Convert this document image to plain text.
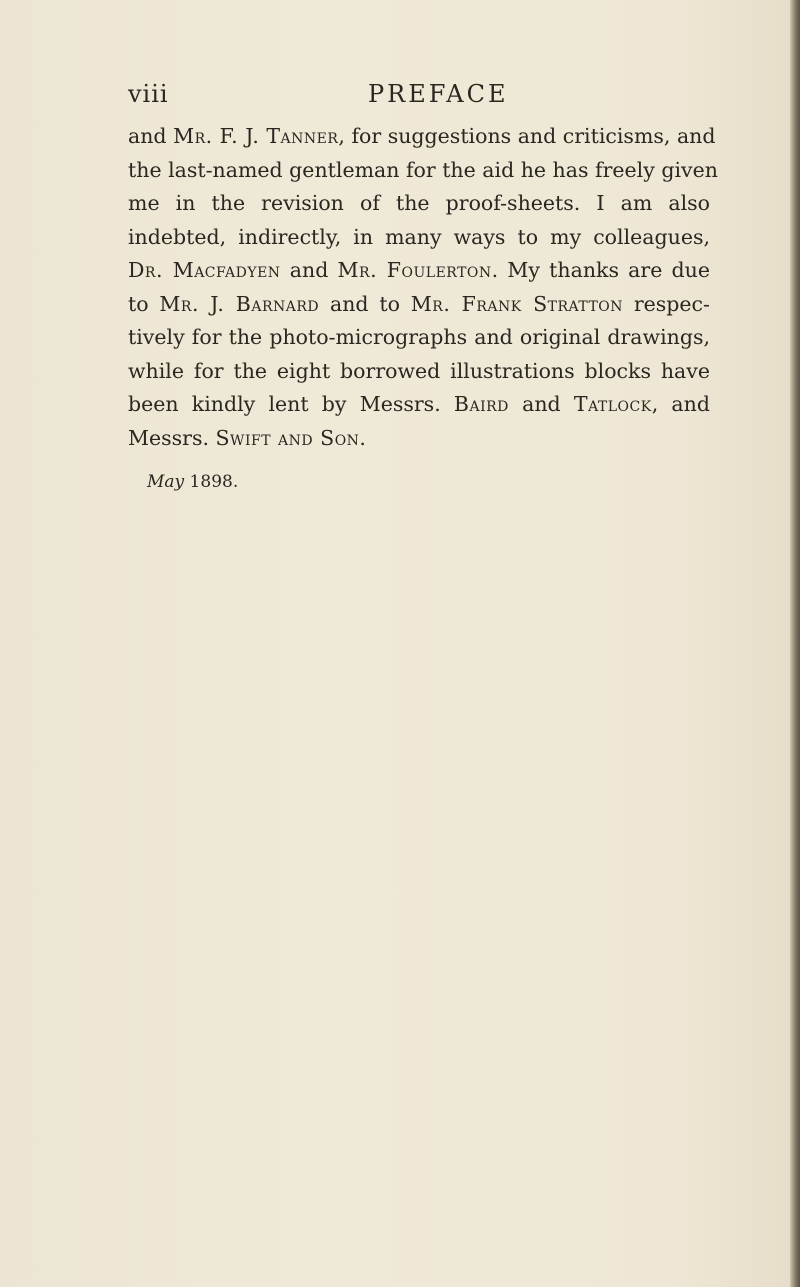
viii	PREFACE
and Mr. F. J. Tanner, for suggestions and criticisms, and
the last-named gentleman for the aid he has freely given
me in the revision of the proof-sheets. I am also
indebted, indirectly, in many ways to my colleagues,
Dr. Macfadyen and Mr. Foulerton. My thanks are due
to Mr. J. Barnard and to Mr. Frank Stratton respec-
tively for the photo-micrographs and original drawings,
while for the eight borrowed illustrations blocks have
been kindly lent by Messrs. Baird and Tatlock, and
Messrs. Swift and Son.
May 1898.
